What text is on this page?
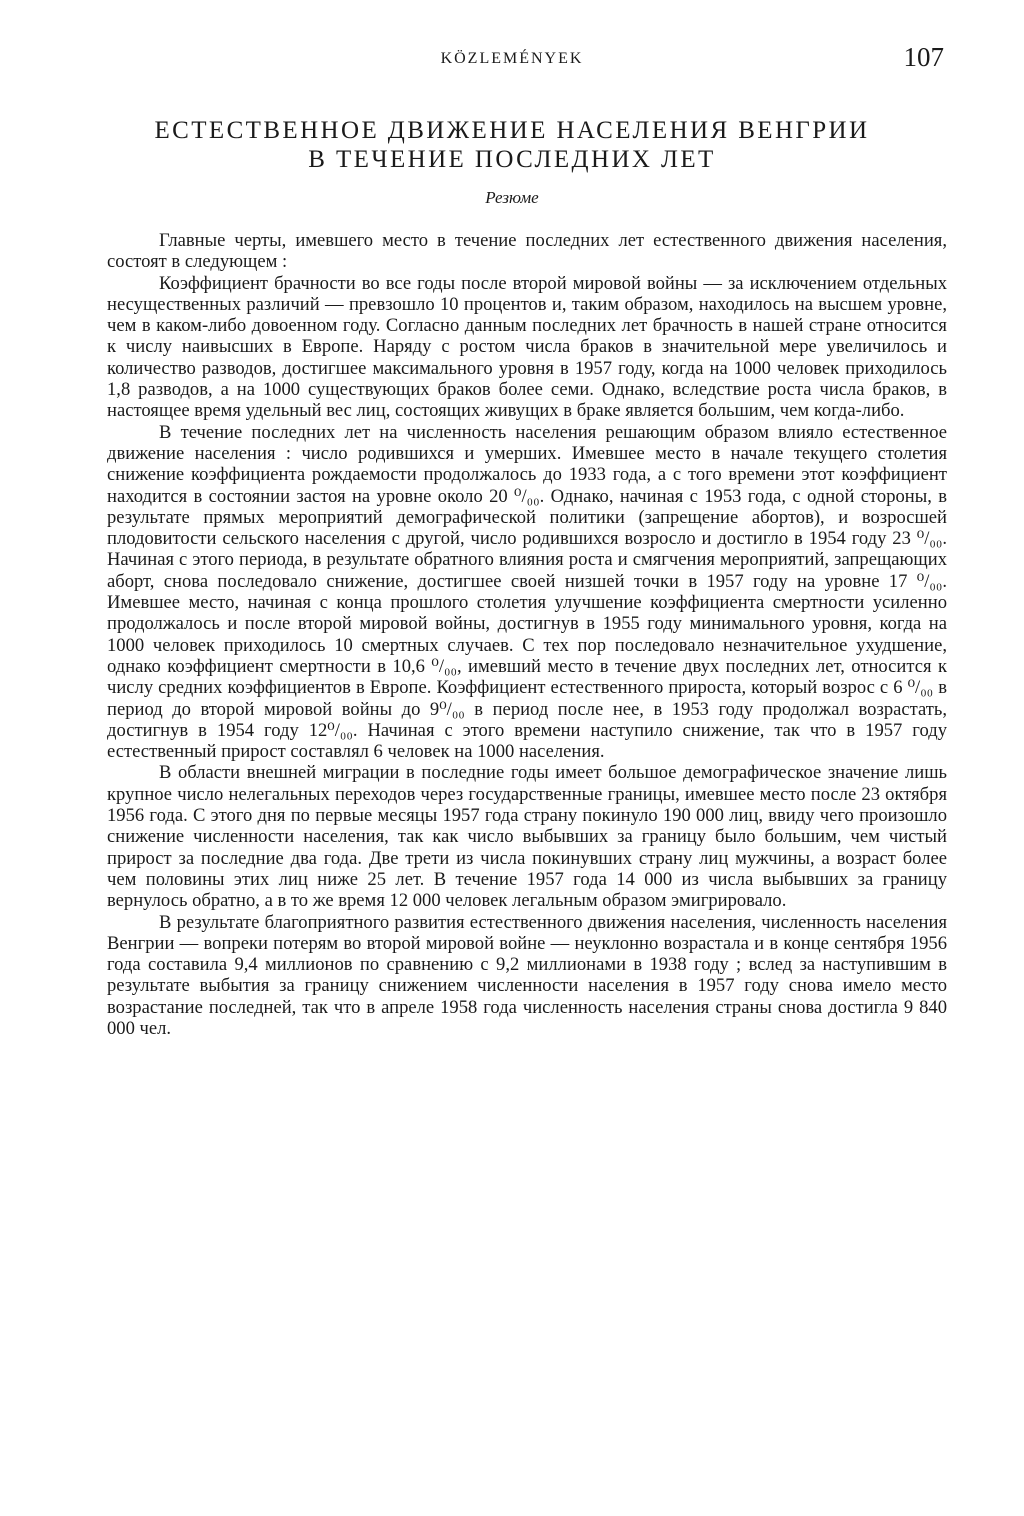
KÖZLEMÉNYEK	107
ЕСТЕСТВЕННОЕ ДВИЖЕНИЕ НАСЕЛЕНИЯ ВЕНГРИИ
В ТЕЧЕНИЕ ПОСЛЕДНИХ ЛЕТ
Резюме

Главные черты, имевшего место в течение последних лет естественного движения населения, состоят в следующем :

Коэффициент брачности во все годы после второй мировой войны — за исключением отдельных несущественных различий — превзошло 10 процентов и, таким образом, находилось на высшем уровне, чем в каком-либо довоенном году. Согласно данным последних лет брачность в нашей стране относится к числу наивысших в Европе. Наряду с ростом числа браков в значительной мере увеличилось и количество разводов, достигшее максимального уровня в 1957 году, когда на 1000 человек приходилось 1,8 разводов, а на 1000 существующих браков более семи. Однако, вследствие роста числа браков, в настоящее время удельный вес лиц, состоящих живущих в браке является большим, чем когда-либо.

В течение последних лет на численность населения решающим образом влияло естественное движение населения : число родившихся и умерших. Имевшее место в начале текущего столетия снижение коэффициента рождаемости продолжалось до 1933 года, а с того времени этот коэффициент находится в состоянии застоя на уровне около 20 ⁰/₀₀. Однако, начиная с 1953 года, с одной стороны, в результате прямых мероприятий демографической политики (запрещение абортов), и возросшей плодовитости сельского населения с другой, число родившихся возросло и достигло в 1954 году 23 ⁰/₀₀. Начиная с этого периода, в результате обратного влияния роста и смягчения мероприятий, запрещающих аборт, снова последовало снижение, достигшее своей низшей точки в 1957 году на уровне 17 ⁰/₀₀. Имевшее место, начиная с конца прошлого столетия улучшение коэффициента смертности усиленно продолжалось и после второй мировой войны, достигнув в 1955 году минимального уровня, когда на 1000 человек приходилось 10 смертных случаев. С тех пор последовало незначительное ухудшение, однако коэффициент смертности в 10,6 ⁰/₀₀, имевший место в течение двух последних лет, относится к числу средних коэффициентов в Европе. Коэффициент естественного прироста, который возрос с 6 ⁰/₀₀ в период до второй мировой войны до 9⁰/₀₀ в период после нее, в 1953 году продолжал возрастать, достигнув в 1954 году 12⁰/₀₀. Начиная с этого времени наступило снижение, так что в 1957 году естественный прирост составлял 6 человек на 1000 населения.

В области внешней миграции в последние годы имеет большое демографическое значение лишь крупное число нелегальных переходов через государственные границы, имевшее место после 23 октября 1956 года. С этого дня по первые месяцы 1957 года страну покинуло 190 000 лиц, ввиду чего произошло снижение численности населения, так как число выбывших за границу было большим, чем чистый прирост за последние два года. Две трети из числа покинувших страну лиц мужчины, а возраст более чем половины этих лиц ниже 25 лет. В течение 1957 года 14 000 из числа выбывших за границу вернулось обратно, а в то же время 12 000 человек легальным образом эмигрировало.

В результате благоприятного развития естественного движения населения, численность населения Венгрии — вопреки потерям во второй мировой войне — неуклонно возрастала и в конце сентября 1956 года составила 9,4 миллионов по сравнению с 9,2 миллионами в 1938 году ; вслед за наступившим в результате выбытия за границу снижением численности населения в 1957 году снова имело место возрастание последней, так что в апреле 1958 года численность населения страны снова достигла 9 840 000 чел.
